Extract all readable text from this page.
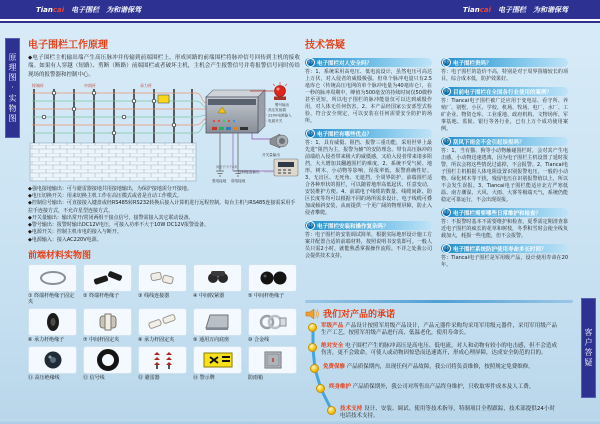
Tiancai 电子围栏　为和谐保驾	Tiancai 电子围栏　为和谐保驾
原理图·实物图
客户答疑
电子围栏工作原理

◆电子围栏主机输出端产生高压脉冲并传输到前端围栏上，形成回路的前端围栏将脉冲信号回传到主机的接收端。如果有人穿越（短路）、剪断（断路）前端围栏或者破坏主机，主机会产生报警信号并将报警信号同时传给现场的报警器和控制中心。

终端杆	中间杆	承力杆
警号输出
高压发射端
220V电源输入
电源开关
开关量输出
控制键盘输出
间距不小于4米
强电接地 弱电接地
◆强电接地输出：可与避雷器接地共用接地输出，为保护接地需分开接地。
◆电压切换开关：用来切换主机工作在高压模式或者是自动工作模式。
◆控制信号输出：可直接接入键盘或经RS485转RS232转换后接入计算机进行远程控制。每台主机与RS485连接需采用手拉手连接方式，不允许星型连接方式。
◆开关量输出：输出常开/常闭两组干接点信号，接警需接入其它联动设备。
◆警号输出：报警时输出DC12V电压，可接入功率不大于10W DC12V报警设备。
◆电源开关：控制主机市电的接入与断开。
◆电源输入：接入AC220V电源。
前端材料实物图
① 终端杆绝缘子固定夹
② 终端杆绝缘子	③ 线线连接器	④ 中间收紧器	⑤ 中间杆绝缘子
⑥ 承力杆绝缘子	⑦ 中间杆固定夹	⑧ 承力杆固定夹	⑨ 通用万向底座	⑩ 合金线
⑪ 高压绝缘线	⑫ 信号线	⑬ 避雷器	⑭ 警示牌	防雨箱
技术答疑
问 电子围栏对人安全吗？
答：1、系统采用高电压、低电流设计，虽然电压可高达上万伏，对入侵者的威慑极强。但单个脉冲电量只有2.5毫库仑（传统高压电网的单个脉冲电量为40毫库仑），在一秒的脉冲周期中，峰值为500毫安的持续时间仅50微秒甚至更短，所以电子围栏的脉冲能量仅可以达到威慑作用，对人体无任何伤害。2、本产品经国家公安部型式检验，符合安全规定，可以安装在任何需要安全防护的场所。
问 电子围栏有哪些优点？
答：1、具有威慑、阻挡、报警三重功能，采用世界上最先进“阻挡为主，报警为辅”的安防理念。带有高压脉冲的前端给入侵者带来极大的威慑感，又给入侵者带来诸多阻挡，大大增加其翻越围栏的难度。2、系统不受气候、地形、树木、小动物等影响，误报率低，报警准确性好。3、无盲区、无死角、无遮挡，全周界防护，前端围栏适合各种形状的围栏，可以随着地形高低起伏、任意变动，安装维护方便。4、前端电子线缆的数量、线缆间距、防区长度等均可以根据不同的场所需求设计。电子线缆可叠加或倾斜安装，从而提供一个更广阔的物理屏障，防止入侵者攀爬。
问 电子围栏安装和操作复杂吗？
答：电子围栏的安装调试简单，根据实际地形设计施工方案并配置合适的前端材料，按照说明书安装即可。一般人员只需2小时，就能熟悉掌握操作流程。不详之处我公司会提供技术支持。
问 电子围栏贵吗？
答：电子围栏的造价不高，特别是对于周界围墙较长的项目，综合成本低，防护效果好。
问 目前电子围栏在全国各行业使用的案例？
答：Tiancai电子围栏被广泛应用于变电站、看守所、养殖厂、别墅、小区、学校、机场、牧场、电厂、水厂、工矿企业、物资仓库、工业重地、政府机构、文物场所、军事基地、监狱、银行等各行业，已有上万个成功使用案例。
问 刮风下雨会不会引起误报吗？
答：1、当有猫、狗等小动物触碰围栏时，会对其产生电击感，小动物迅速逃离，因为电子围栏主机设置了延时报警，所以会将这些情况过滤掉，不会报警。2、Tiancai电子围栏主机根据人体电阻设置识别报警电压，一般的小动物、绿化树木等干扰，残留电压在识别报警值以上，所以不会发生误报。3、Tiancai电子围栏能适应北方严寒低温、南方潮湿、大风、大雨、大雾等极端天气，系统仍能稳定可靠运行，不会出现误报。
问 电子围栏需要哪些日常维护和检查？
答：不报警时基本不需要维护和检查。夏季需定期清查靠近电子围栏的疯长的花草和树枝，冬季积雪时会使全线负载加大，耗损一些电能，但不会报警。
问 电子围栏系统防护使用寿命多长时间？
答：Tiancai电子围栏是军用级产品，设计使用寿命在20年。
我们对产品的承诺
军级产品 产品设计按照军用级产品设计，产品元器件采购均采用军用级元器件，采用军用级产品生产工艺，按照军用级产品进行高、低温老化，使用寿命长。
绝对安全 电子围栏产生的脉冲高压是高电压、低电流，对人和动物有较小的电击感，但不会造成伤害，更不会致命。可使人或动物因惊恐而迅速离开，形成心理屏障，达成安全防范的目的。
免费保修 产品质保期内，出现任何产品故障，我公司将负责维修，按照规定免费维修。
终身维护 产品质保期外，我公司对所售出产品终身维护，只收取零件成本及人工费。
技术支持 设计、安装、调试、使用等技术指导，特制项目全程跟踪，技术部提供24小时电话技术支持。
